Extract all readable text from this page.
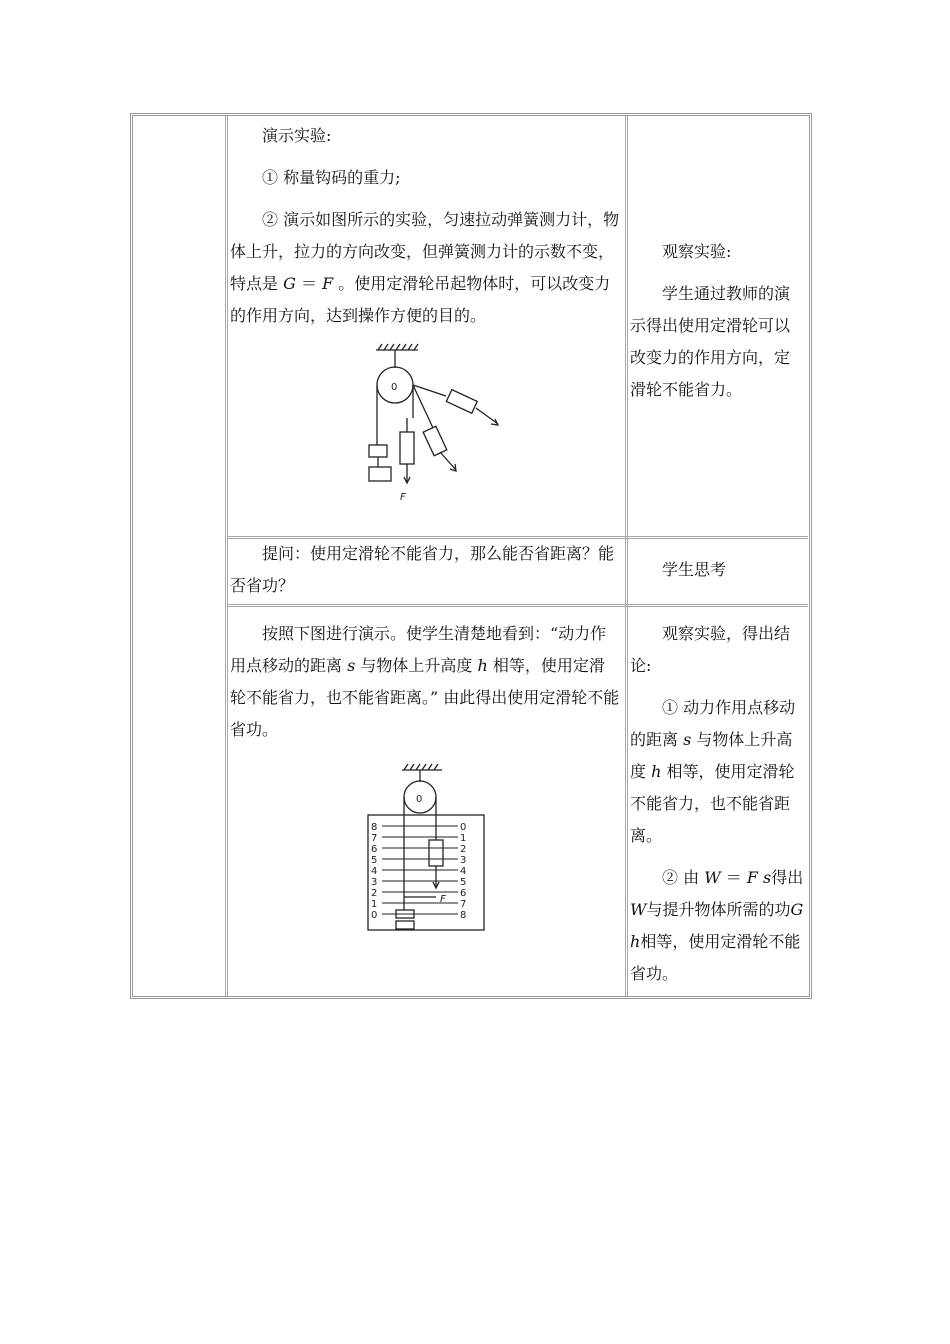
演示实验:

① 称量钩码的重力;

② 演示如图所示的实验，匀速拉动弹簧测力计，物体上升，拉力的方向改变，但弹簧测力计的示数不变，特点是 G ＝ F 。使用定滑轮吊起物体时，可以改变力的作用方向，达到操作方便的目的。

0
F

观察实验:

学生通过教师的演示得出使用定滑轮可以改变力的作用方向，定滑轮不能省力。

提问：使用定滑轮不能省力，那么能否省距离？能否省功？

学生思考

按照下图进行演示。使学生清楚地看到：“动力作用点移动的距离 s 与物体上升高度 h 相等，使用定滑轮不能省力，也不能省距离。” 由此得出使用定滑轮不能省功。

8
7
6
5
4
3
2
1
0
0
1
2
3
4
5
6
7
8
0
F

观察实验，得出结论:

① 动力作用点移动的距离 s 与物体上升高度 h 相等，使用定滑轮不能省力，也不能省距离。

② 由 W ＝ F s得出 W与提升物体所需的功G h相等，使用定滑轮不能省功。
